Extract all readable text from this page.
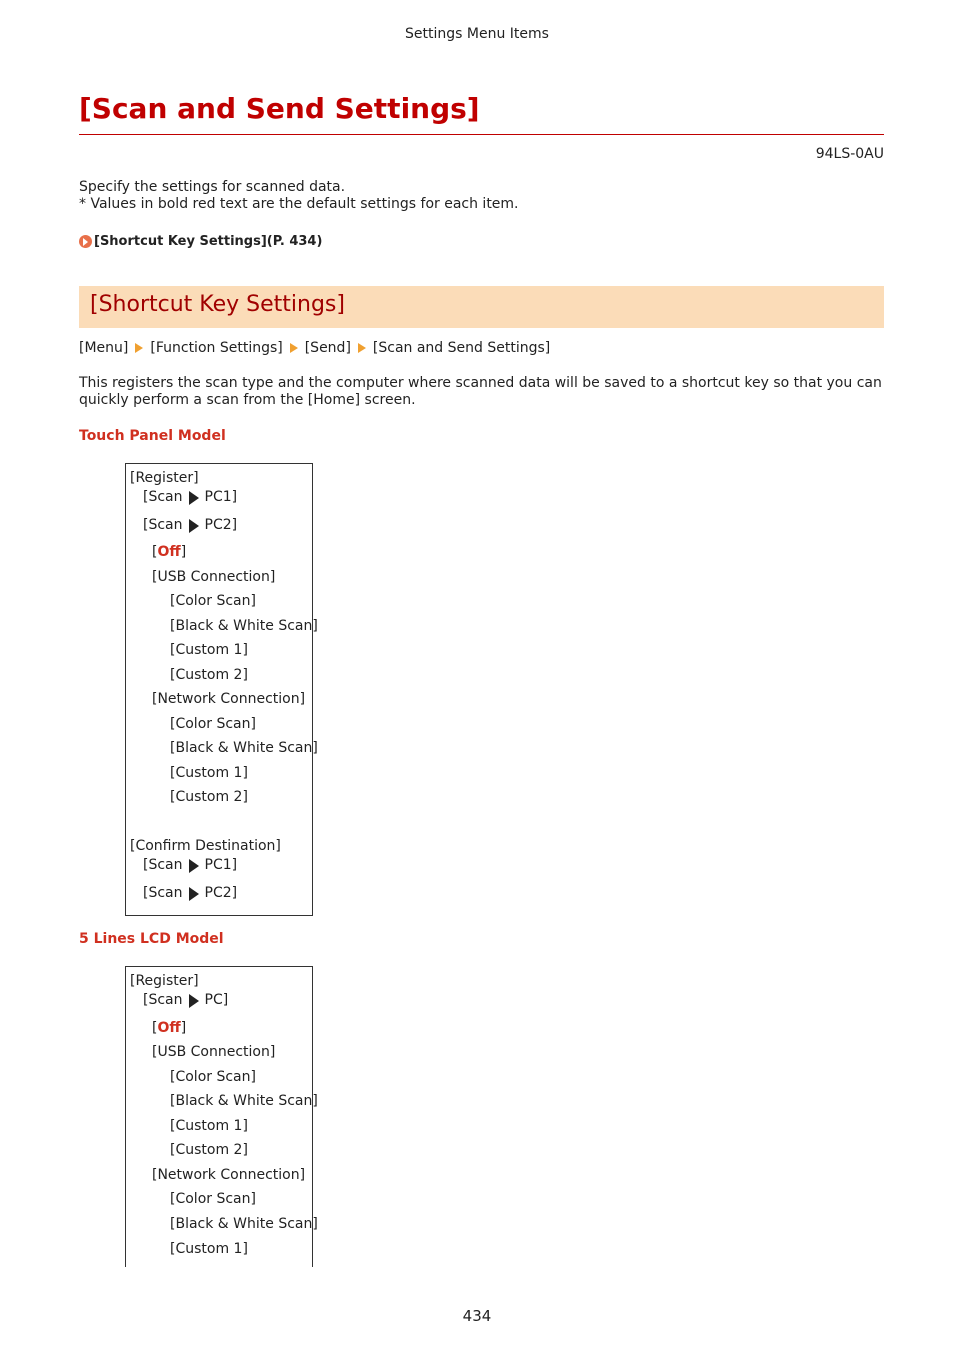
Settings Menu Items
[Scan and Send Settings]
94LS-0AU
Specify the settings for scanned data.
* Values in bold red text are the default settings for each item.
[Shortcut Key Settings](P. 434)
[Shortcut Key Settings]
[Menu] [Function Settings] [Send] [Scan and Send Settings]
This registers the scan type and the computer where scanned data will be saved to a shortcut key so that you can
quickly perform a scan from the [Home] screen.
Touch Panel Model
[Register]
[Scan PC1]
[Scan PC2]
[Off]
[USB Connection]
[Color Scan]
[Black & White Scan]
[Custom 1]
[Custom 2]
[Network Connection]
[Color Scan]
[Black & White Scan]
[Custom 1]
[Custom 2]
[Confirm Destination]
[Scan PC1]
[Scan PC2]
5 Lines LCD Model
[Register]
[Scan PC]
[Off]
[USB Connection]
[Color Scan]
[Black & White Scan]
[Custom 1]
[Custom 2]
[Network Connection]
[Color Scan]
[Black & White Scan]
[Custom 1]
434
